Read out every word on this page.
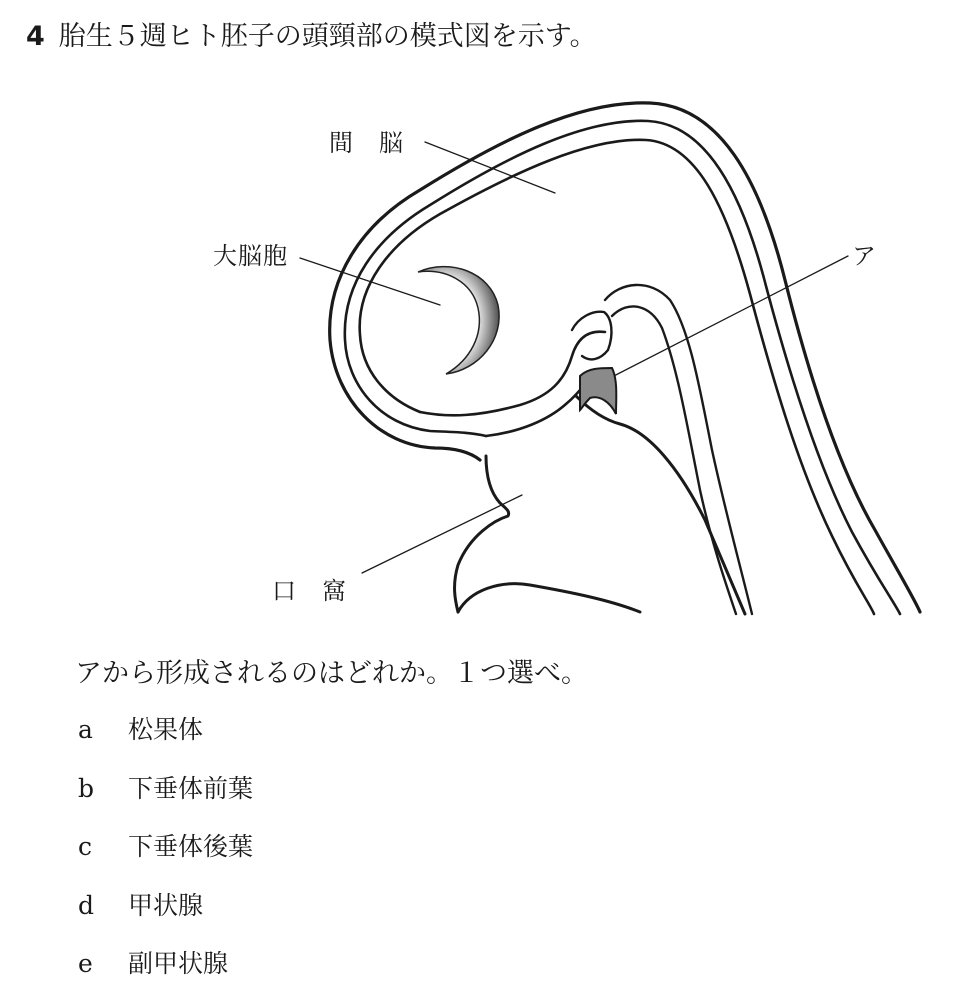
4 胎生５週ヒト胚子の頭頸部の模式図を示す。
間　脳
大脳胞	ア
口　窩
アから形成されるのはどれか。１つ選べ。
a 松果体
b 下垂体前葉
c 下垂体後葉
d 甲状腺
e 副甲状腺
